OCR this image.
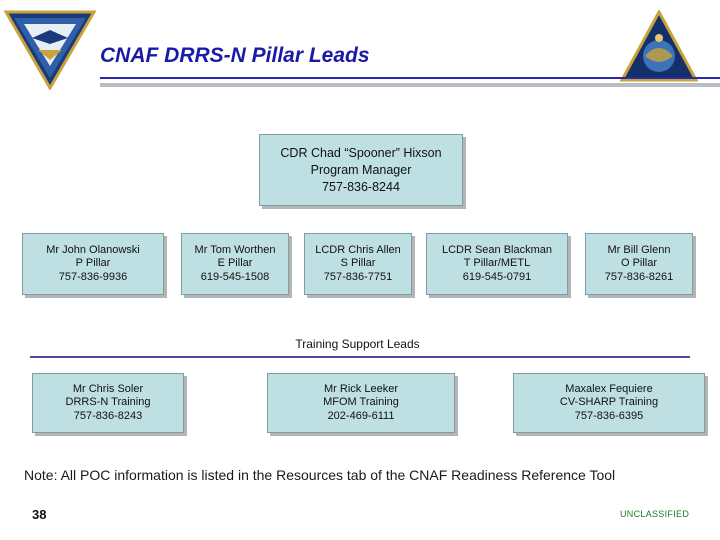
CNAF DRRS-N Pillar Leads
CDR Chad “Spooner” Hixson
Program Manager
757-836-8244
Mr John Olanowski
P Pillar
757-836-9936
Mr Tom Worthen
E Pillar
619-545-1508
LCDR Chris Allen
S Pillar
757-836-7751
LCDR Sean Blackman
T Pillar/METL
619-545-0791
Mr Bill Glenn
O Pillar
757-836-8261
Training Support Leads
Mr Chris Soler
DRRS-N Training
757-836-8243
Mr Rick Leeker
MFOM Training
202-469-6111
Maxalex Fequiere
CV-SHARP Training
757-836-6395
Note: All POC information is listed in the Resources tab of the CNAF Readiness Reference Tool
38	UNCLASSIFIED
